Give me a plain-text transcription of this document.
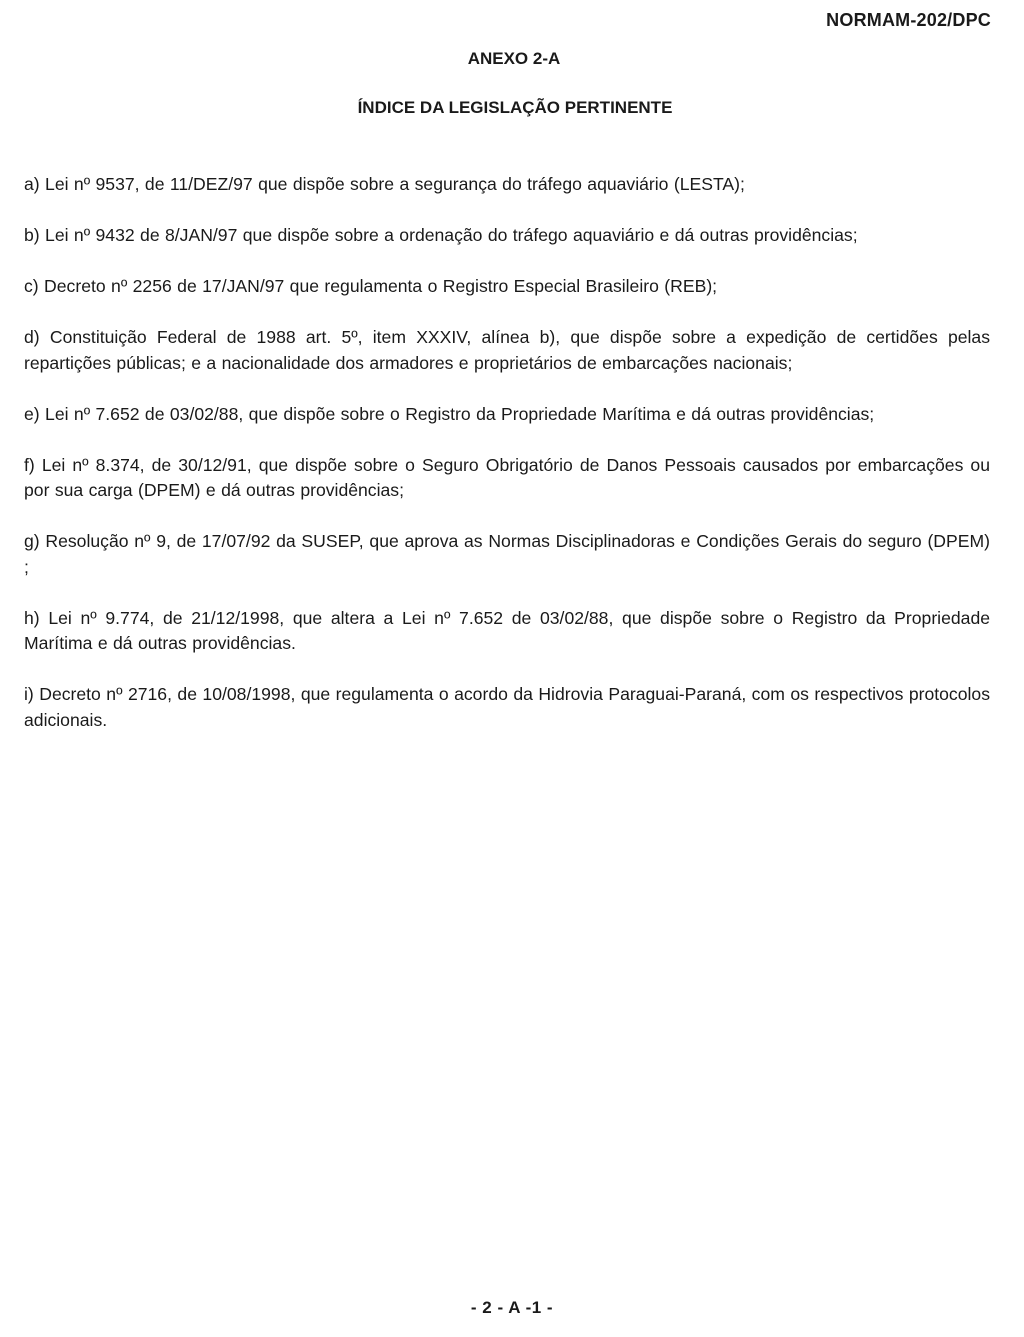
NORMAM-202/DPC
ANEXO 2-A
ÍNDICE DA LEGISLAÇÃO PERTINENTE
a) Lei nº 9537, de 11/DEZ/97 que dispõe sobre a segurança do tráfego aquaviário (LESTA);
b) Lei nº 9432 de 8/JAN/97 que dispõe sobre a ordenação do tráfego aquaviário e dá outras providências;
c) Decreto nº 2256 de 17/JAN/97 que regulamenta o Registro Especial Brasileiro (REB);
d) Constituição Federal de 1988 art. 5º, item XXXIV, alínea b), que dispõe sobre a expedição de certidões pelas repartições públicas; e a nacionalidade dos armadores e proprietários de embarcações nacionais;
e) Lei nº 7.652 de 03/02/88, que dispõe sobre o Registro da Propriedade Marítima e dá outras providências;
f) Lei nº 8.374, de 30/12/91, que dispõe sobre o Seguro Obrigatório de Danos Pessoais causados por embarcações ou por sua carga (DPEM) e dá outras providências;
g) Resolução nº 9, de 17/07/92 da SUSEP, que aprova as Normas Disciplinadoras e Condições Gerais do seguro (DPEM) ;
h) Lei nº 9.774, de 21/12/1998, que altera a Lei nº 7.652 de 03/02/88, que dispõe sobre o Registro da Propriedade Marítima e dá outras providências.
i) Decreto nº 2716, de 10/08/1998, que regulamenta o acordo da Hidrovia Paraguai-Paraná, com os respectivos protocolos adicionais.
- 2 - A -1 -
